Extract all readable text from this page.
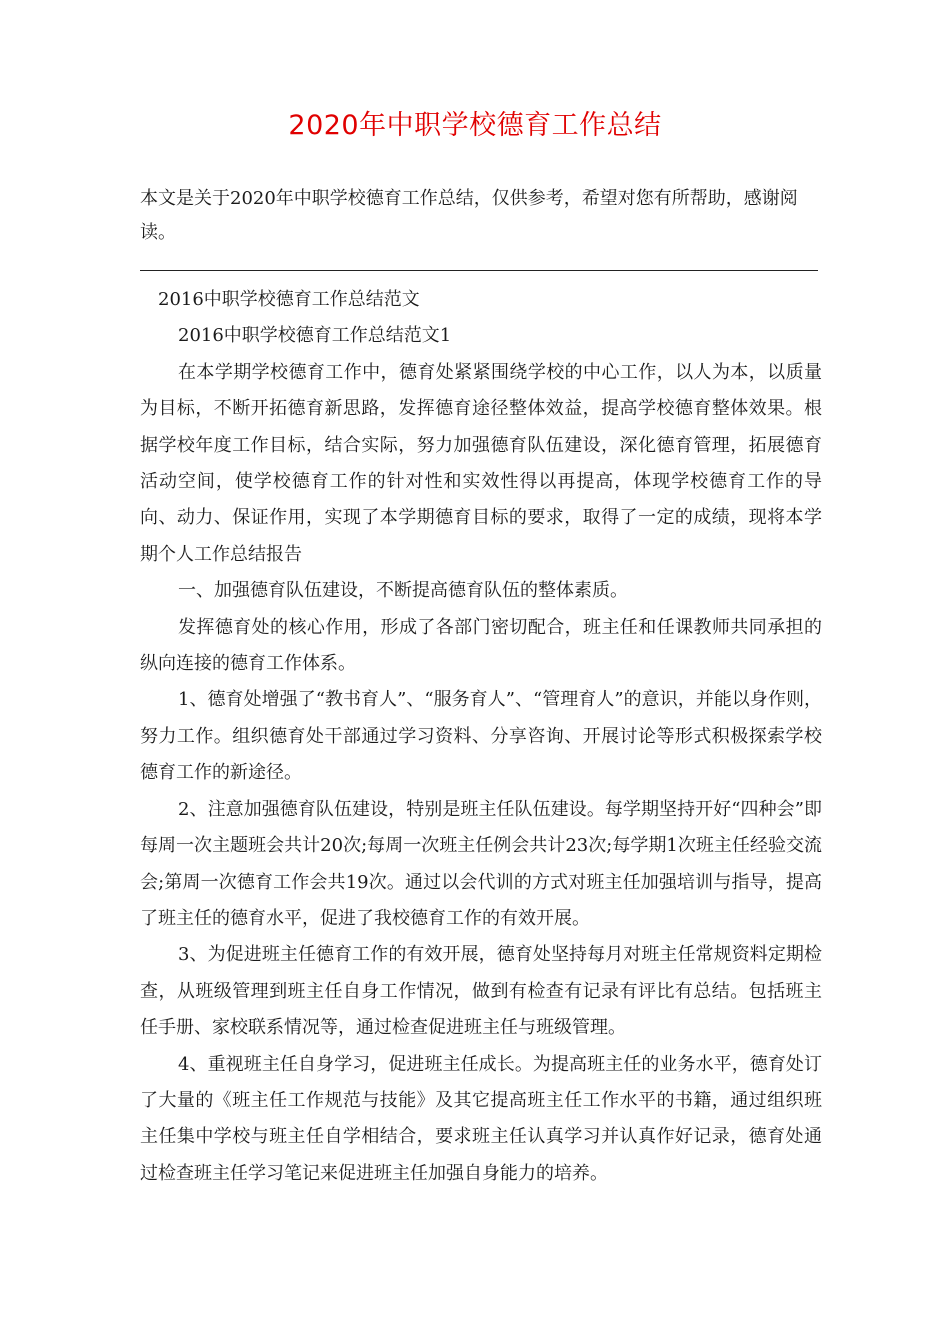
2020年中职学校德育工作总结

本文是关于2020年中职学校德育工作总结，仅供参考，希望对您有所帮助，感谢阅读。

2016中职学校德育工作总结范文

2016中职学校德育工作总结范文1

在本学期学校德育工作中，德育处紧紧围绕学校的中心工作，以人为本，以质量为目标，不断开拓德育新思路，发挥德育途径整体效益，提高学校德育整体效果。根据学校年度工作目标，结合实际，努力加强德育队伍建设，深化德育管理，拓展德育活动空间，使学校德育工作的针对性和实效性得以再提高，体现学校德育工作的导向、动力、保证作用，实现了本学期德育目标的要求，取得了一定的成绩，现将本学期个人工作总结报告

一、加强德育队伍建设，不断提高德育队伍的整体素质。

发挥德育处的核心作用，形成了各部门密切配合，班主任和任课教师共同承担的纵向连接的德育工作体系。

1、德育处增强了“教书育人”、“服务育人”、“管理育人”的意识，并能以身作则，努力工作。组织德育处干部通过学习资料、分享咨询、开展讨论等形式积极探索学校德育工作的新途径。

2、注意加强德育队伍建设，特别是班主任队伍建设。每学期坚持开好“四种会”即每周一次主题班会共计20次;每周一次班主任例会共计23次;每学期1次班主任经验交流会;第周一次德育工作会共19次。通过以会代训的方式对班主任加强培训与指导，提高了班主任的德育水平，促进了我校德育工作的有效开展。

3、为促进班主任德育工作的有效开展，德育处坚持每月对班主任常规资料定期检查，从班级管理到班主任自身工作情况，做到有检查有记录有评比有总结。包括班主任手册、家校联系情况等，通过检查促进班主任与班级管理。

4、重视班主任自身学习，促进班主任成长。为提高班主任的业务水平，德育处订了大量的《班主任工作规范与技能》及其它提高班主任工作水平的书籍，通过组织班主任集中学校与班主任自学相结合，要求班主任认真学习并认真作好记录，德育处通过检查班主任学习笔记来促进班主任加强自身能力的培养。
